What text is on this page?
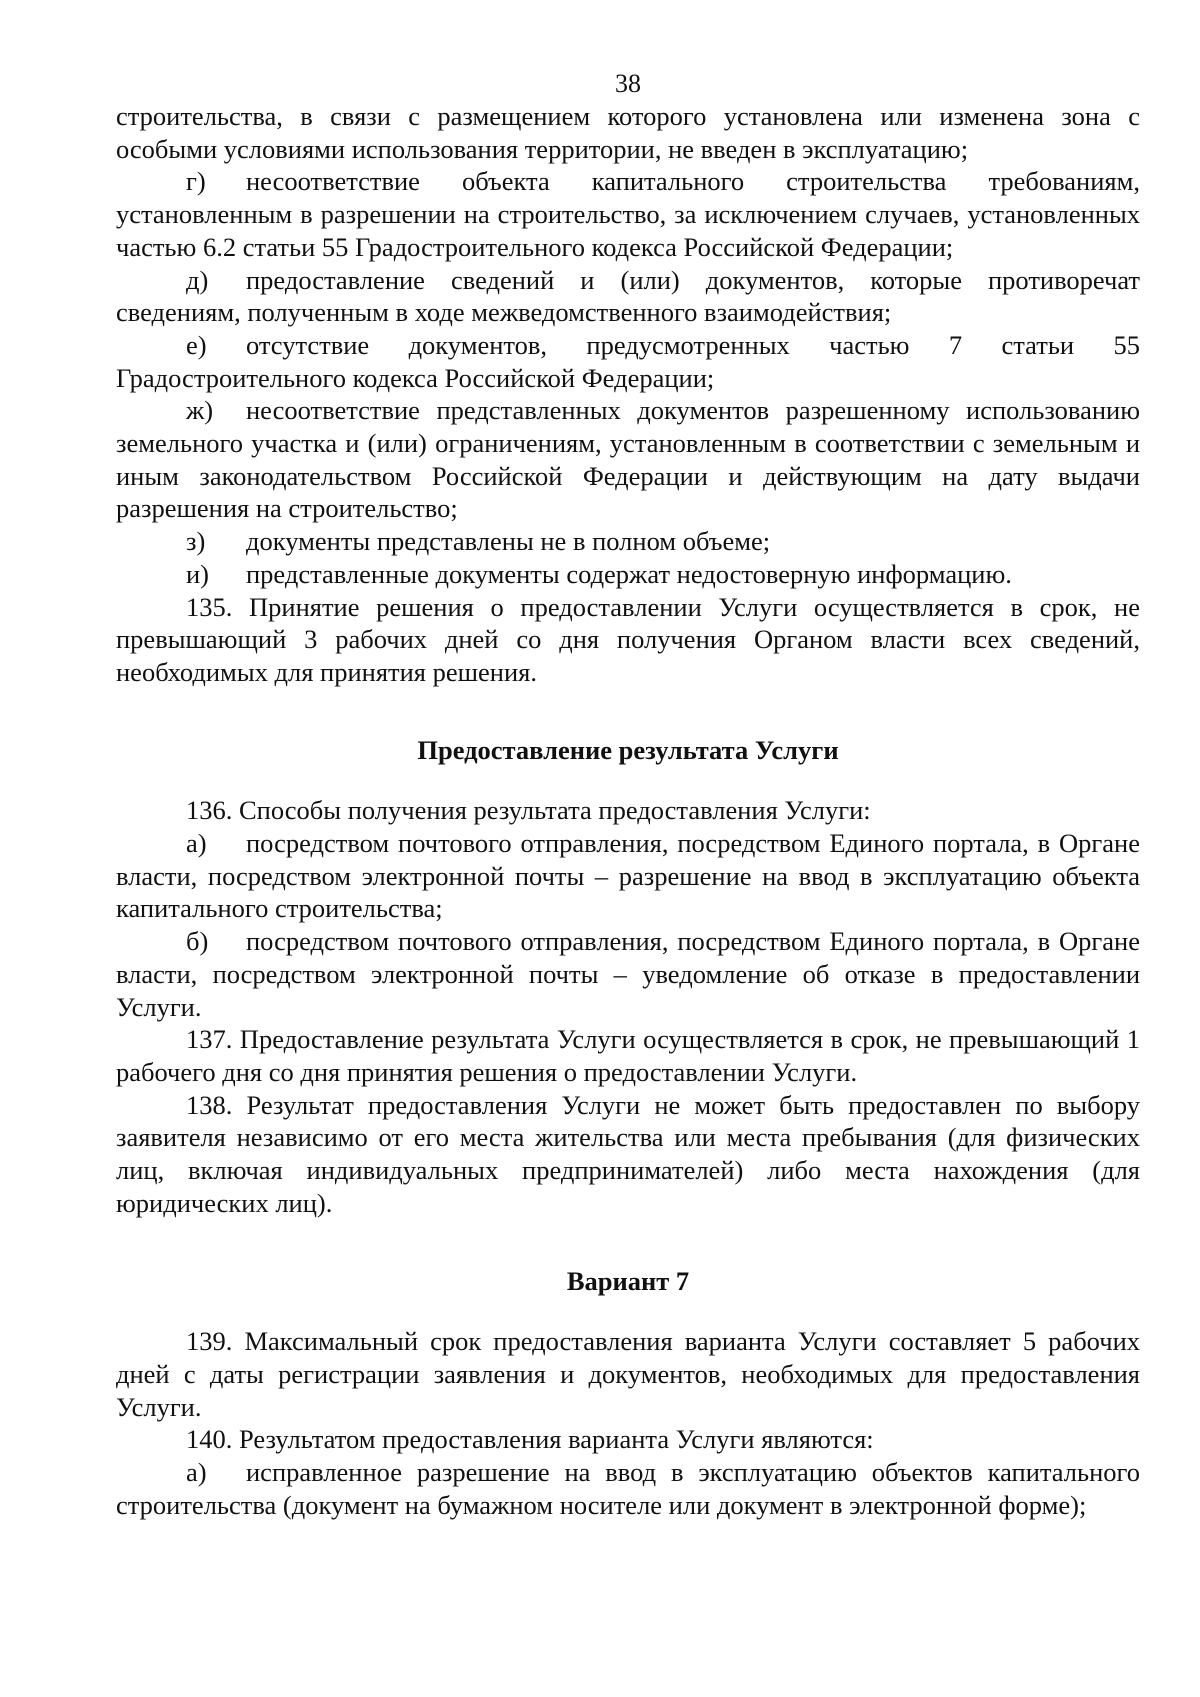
38

строительства, в связи с размещением которого установлена или изменена зона с особыми условиями использования территории, не введен в эксплуатацию;

г) несоответствие объекта капитального строительства требованиям, установленным в разрешении на строительство, за исключением случаев, установленных частью 6.2 статьи 55 Градостроительного кодекса Российской Федерации;

д) предоставление сведений и (или) документов, которые противоречат сведениям, полученным в ходе межведомственного взаимодействия;

е) отсутствие документов, предусмотренных частью 7 статьи 55 Градостроительного кодекса Российской Федерации;

ж) несоответствие представленных документов разрешенному использованию земельного участка и (или) ограничениям, установленным в соответствии с земельным и иным законодательством Российской Федерации и действующим на дату выдачи разрешения на строительство;

з) документы представлены не в полном объеме;

и) представленные документы содержат недостоверную информацию.

135. Принятие решения о предоставлении Услуги осуществляется в срок, не превышающий 3 рабочих дней со дня получения Органом власти всех сведений, необходимых для принятия решения.

Предоставление результата Услуги

136. Способы получения результата предоставления Услуги:

а) посредством почтового отправления, посредством Единого портала, в Органе власти, посредством электронной почты – разрешение на ввод в эксплуатацию объекта капитального строительства;

б) посредством почтового отправления, посредством Единого портала, в Органе власти, посредством электронной почты – уведомление об отказе в предоставлении Услуги.

137. Предоставление результата Услуги осуществляется в срок, не превышающий 1 рабочего дня со дня принятия решения о предоставлении Услуги.

138. Результат предоставления Услуги не может быть предоставлен по выбору заявителя независимо от его места жительства или места пребывания (для физических лиц, включая индивидуальных предпринимателей) либо места нахождения (для юридических лиц).

Вариант 7

139. Максимальный срок предоставления варианта Услуги составляет 5 рабочих дней с даты регистрации заявления и документов, необходимых для предоставления Услуги.

140. Результатом предоставления варианта Услуги являются:

а) исправленное разрешение на ввод в эксплуатацию объектов капитального строительства (документ на бумажном носителе или документ в электронной форме);
